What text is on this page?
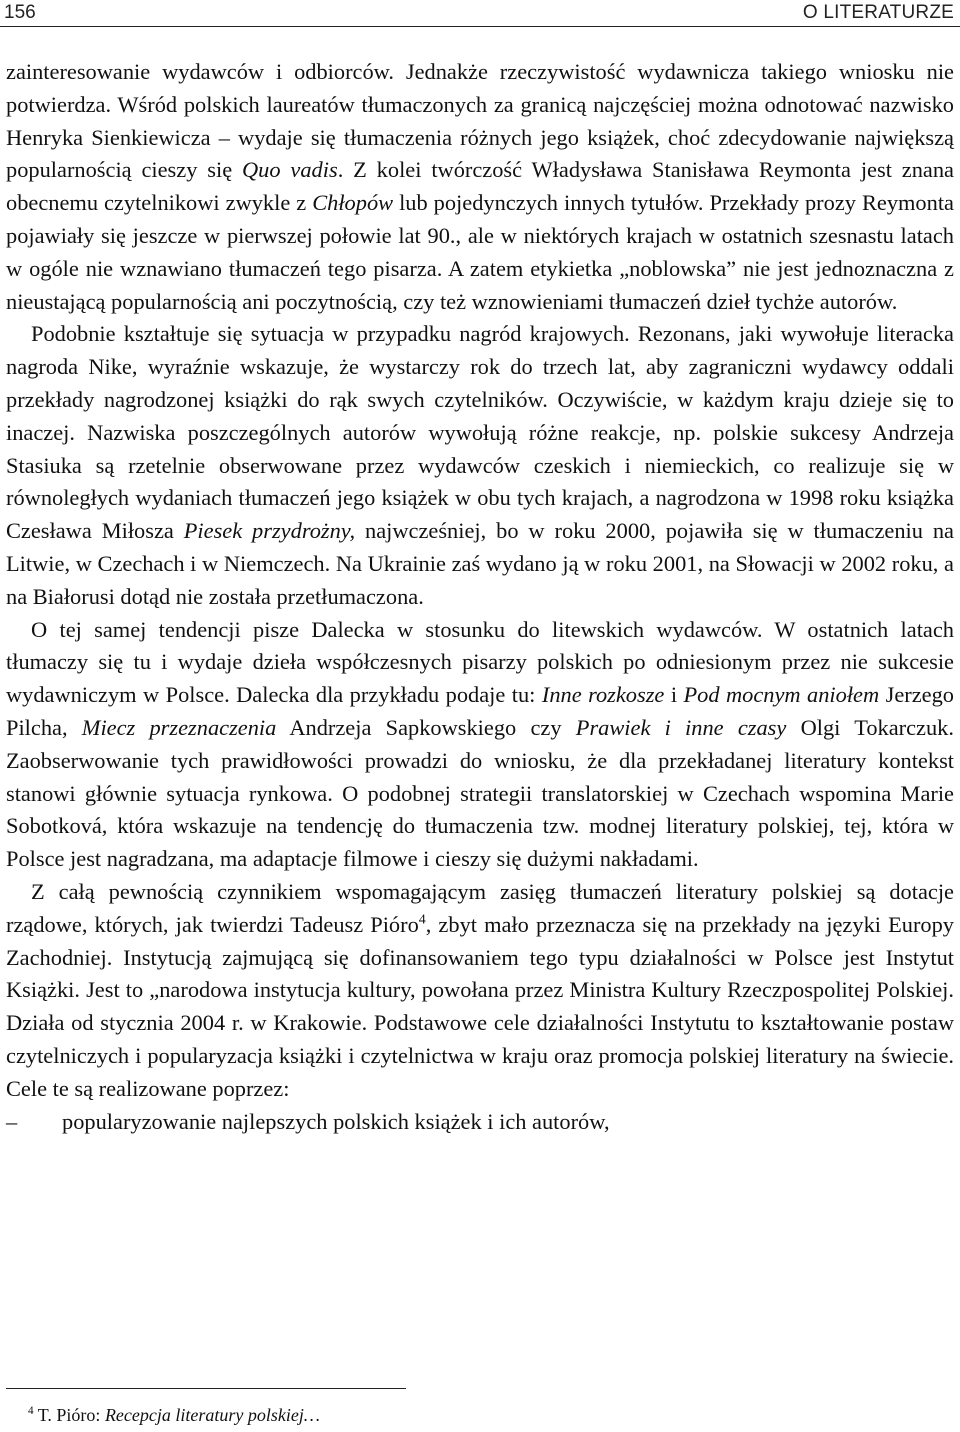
156	O LITERATURZE

zainteresowanie wydawców i odbiorców. Jednakże rzeczywistość wydawnicza takiego wniosku nie potwierdza. Wśród polskich laureatów tłumaczonych za granicą najczęściej można odnotować nazwisko Henryka Sienkiewicza – wydaje się tłumaczenia różnych jego książek, choć zdecydowanie największą popularnością cieszy się Quo vadis. Z kolei twórczość Władysława Stanisława Reymonta jest znana obecnemu czytelnikowi zwykle z Chłopów lub pojedynczych innych tytułów. Przekłady prozy Reymonta pojawiały się jeszcze w pierwszej połowie lat 90., ale w niektórych krajach w ostatnich szesnastu latach w ogóle nie wznawiano tłumaczeń tego pisarza. A zatem etykietka „noblowska” nie jest jednoznaczna z nieustającą popularnością ani poczytnością, czy też wznowieniami tłumaczeń dzieł tychże autorów.

Podobnie kształtuje się sytuacja w przypadku nagród krajowych. Rezonans, jaki wywołuje literacka nagroda Nike, wyraźnie wskazuje, że wystarczy rok do trzech lat, aby zagraniczni wydawcy oddali przekłady nagrodzonej książki do rąk swych czytelników. Oczywiście, w każdym kraju dzieje się to inaczej. Nazwiska poszczególnych autorów wywołują różne reakcje, np. polskie sukcesy Andrzeja Stasiuka są rzetelnie obserwowane przez wydawców czeskich i niemieckich, co realizuje się w równoległych wydaniach tłumaczeń jego książek w obu tych krajach, a nagrodzona w 1998 roku książka Czesława Miłosza Piesek przydrożny, najwcześniej, bo w roku 2000, pojawiła się w tłumaczeniu na Litwie, w Czechach i w Niemczech. Na Ukrainie zaś wydano ją w roku 2001, na Słowacji w 2002 roku, a na Białorusi dotąd nie została przetłumaczona.

O tej samej tendencji pisze Dalecka w stosunku do litewskich wydawców. W ostatnich latach tłumaczy się tu i wydaje dzieła współczesnych pisarzy polskich po odniesionym przez nie sukcesie wydawniczym w Polsce. Dalecka dla przykładu podaje tu: Inne rozkosze i Pod mocnym aniołem Jerzego Pilcha, Miecz przeznaczenia Andrzeja Sapkowskiego czy Prawiek i inne czasy Olgi Tokarczuk. Zaobserwowanie tych prawidłowości prowadzi do wniosku, że dla przekładanej literatury kontekst stanowi głównie sytuacja rynkowa. O podobnej strategii translatorskiej w Czechach wspomina Marie Sobotková, która wskazuje na tendencję do tłumaczenia tzw. modnej literatury polskiej, tej, która w Polsce jest nagradzana, ma adaptacje filmowe i cieszy się dużymi nakładami.

Z całą pewnością czynnikiem wspomagającym zasięg tłumaczeń literatury polskiej są dotacje rządowe, których, jak twierdzi Tadeusz Pióro$^4$, zbyt mało przeznacza się na przekłady na języki Europy Zachodniej. Instytucją zajmującą się dofinansowaniem tego typu działalności w Polsce jest Instytut Książki. Jest to „narodowa instytucja kultury, powołana przez Ministra Kultury Rzeczpospolitej Polskiej. Działa od stycznia 2004 r. w Krakowie. Podstawowe cele działalności Instytutu to kształtowanie postaw czytelniczych i popularyzacja książki i czytelnictwa w kraju oraz promocja polskiej literatury na świecie. Cele te są realizowane poprzez:

–	popularyzowanie najlepszych polskich książek i ich autorów,
$^4$ T. Pióro: Recepcja literatury polskiej…
